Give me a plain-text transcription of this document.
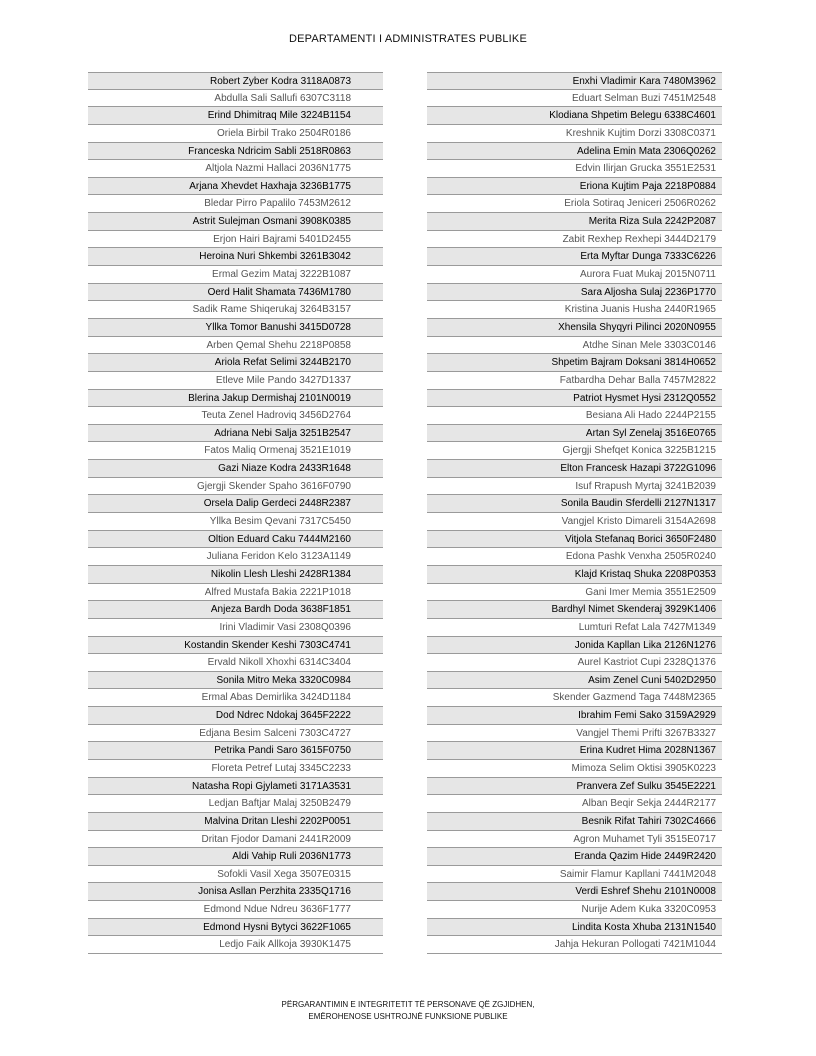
DEPARTAMENTI I ADMINISTRATES PUBLIKE
Robert Zyber Kodra 3118A0873
Abdulla Sali Sallufi 6307C3118
Erind Dhimitraq Mile 3224B1154
Oriela Birbil Trako 2504R0186
Franceska Ndricim Sabli 2518R0863
Altjola Nazmi Hallaci 2036N1775
Arjana Xhevdet Haxhaja 3236B1775
Bledar Pirro Papalilo 7453M2612
Astrit Sulejman Osmani 3908K0385
Erjon Hairi Bajrami 5401D2455
Heroina Nuri Shkembi 3261B3042
Ermal Gezim Mataj 3222B1087
Oerd Halit Shamata 7436M1780
Sadik Rame Shiqerukaj 3264B3157
Yllka Tomor Banushi 3415D0728
Arben Qemal Shehu 2218P0858
Ariola Refat Selimi 3244B2170
Etleve Mile Pando 3427D1337
Blerina Jakup Dermishaj 2101N0019
Teuta Zenel Hadroviq 3456D2764
Adriana Nebi Salja 3251B2547
Fatos Maliq Ormenaj 3521E1019
Gazi Niaze Kodra 2433R1648
Gjergji Skender Spaho 3616F0790
Orsela Dalip Gerdeci 2448R2387
Yllka Besim Qevani 7317C5450
Oltion Eduard Caku 7444M2160
Juliana Feridon Kelo 3123A1149
Nikolin Llesh Lleshi 2428R1384
Alfred Mustafa Bakia 2221P1018
Anjeza Bardh Doda 3638F1851
Irini Vladimir Vasi 2308Q0396
Kostandin Skender Keshi 7303C4741
Ervald Nikoll Xhoxhi 6314C3404
Sonila Mitro Meka 3320C0984
Ermal Abas Demirlika 3424D1184
Dod Ndrec Ndokaj 3645F2222
Edjana Besim Salceni 7303C4727
Petrika Pandi Saro 3615F0750
Floreta Petref Lutaj 3345C2233
Natasha Ropi Gjylameti 3171A3531
Ledjan Baftjar Malaj 3250B2479
Malvina Dritan Lleshi 2202P0051
Dritan Fjodor Damani 2441R2009
Aldi Vahip Ruli 2036N1773
Sofokli Vasil Xega 3507E0315
Jonisa Asllan Perzhita 2335Q1716
Edmond Ndue Ndreu 3636F1777
Edmond Hysni Bytyci 3622F1065
Ledjo Faik Allkoja 3930K1475
Enxhi Vladimir Kara 7480M3962
Eduart Selman Buzi 7451M2548
Klodiana Shpetim Belegu 6338C4601
Kreshnik Kujtim Dorzi 3308C0371
Adelina Emin Mata 2306Q0262
Edvin Ilirjan Grucka 3551E2531
Eriona Kujtim Paja 2218P0884
Eriola Sotiraq Jeniceri 2506R0262
Merita Riza Sula 2242P2087
Zabit Rexhep Rexhepi 3444D2179
Erta Myftar Dunga 7333C6226
Aurora Fuat Mukaj 2015N0711
Sara Aljosha Sulaj 2236P1770
Kristina Juanis Husha 2440R1965
Xhensila Shyqyri Pilinci 2020N0955
Atdhe Sinan Mele 3303C0146
Shpetim Bajram Doksani 3814H0652
Fatbardha Dehar Balla 7457M2822
Patriot Hysmet Hysi 2312Q0552
Besiana Ali Hado 2244P2155
Artan Syl Zenelaj 3516E0765
Gjergji Shefqet Konica 3225B1215
Elton Francesk Hazapi 3722G1096
Isuf Rrapush Myrtaj 3241B2039
Sonila Baudin Sferdelli 2127N1317
Vangjel Kristo Dimareli 3154A2698
Vitjola Stefanaq Borici 3650F2480
Edona Pashk Venxha 2505R0240
Klajd Kristaq Shuka 2208P0353
Gani Imer Memia 3551E2509
Bardhyl Nimet Skenderaj 3929K1406
Lumturi Refat Lala 7427M1349
Jonida Kapllan Lika 2126N1276
Aurel Kastriot Cupi 2328Q1376
Asim Zenel Cuni 5402D2950
Skender Gazmend Taga 7448M2365
Ibrahim Femi Sako 3159A2929
Vangjel Themi Prifti 3267B3327
Erina Kudret Hima 2028N1367
Mimoza Selim Oktisi 3905K0223
Pranvera Zef Sulku 3545E2221
Alban Beqir Sekja 2444R2177
Besnik Rifat Tahiri 7302C4666
Agron Muhamet Tyli 3515E0717
Eranda Qazim Hide 2449R2420
Saimir Flamur Kapllani 7441M2048
Verdi Eshref Shehu 2101N0008
Nurije Adem Kuka 3320C0953
Lindita Kosta Xhuba 2131N1540
Jahja Hekuran Pollogati 7421M1044
PËRGARANTIMIN E INTEGRITETIT TË PERSONAVE QË ZGJIDHEN,
EMËROHENOSE USHTROJNË FUNKSIONE PUBLIKE
